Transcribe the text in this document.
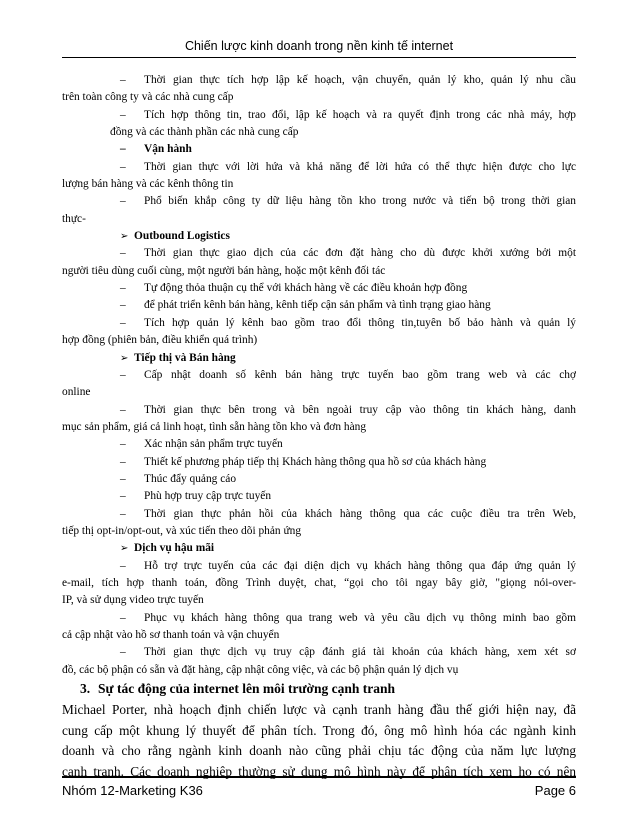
Chiến lược kinh doanh trong nền kinh tế internet
– Thời gian thực tích hợp lập kế hoạch, vận chuyển, quản lý kho, quản lý nhu cầu
trên toàn công ty và các nhà cung cấp
– Tích hợp thông tin, trao đổi, lập kế hoạch và ra quyết định trong các nhà máy, hợp
đồng và các thành phần các nhà cung cấp
– Vận hành
– Thời gian thực với lời hứa và khả năng để lời hứa có thể thực hiện được cho lực
lượng bán hàng và các kênh thông tin
– Phổ biến khắp công ty dữ liệu hàng tồn kho trong nước và tiến bộ trong thời gian
thực-
➢ Outbound Logistics
– Thời gian thực giao dịch của các đơn đặt hàng cho dù được khởi xướng bởi một
người tiêu dùng cuối cùng, một người bán hàng, hoặc một kênh đối tác
– Tự động thỏa thuận cụ thể với khách hàng về các điều khoản hợp đồng
– để phát triển kênh bán hàng, kênh tiếp cận sản phẩm và tình trạng giao hàng
– Tích hợp quản lý kênh bao gồm trao đổi thông tin,tuyên bố bảo hành và quản lý
hợp đồng (phiên bản, điều khiển quá trình)
➢ Tiếp thị và Bán hàng
– Cấp nhật doanh số kênh bán hàng trực tuyến bao gồm trang web và các chợ
online
– Thời gian thực bên trong và bên ngoài truy cập vào thông tin khách hàng, danh
mục sản phẩm, giá cả linh hoạt, tình sẵn hàng tồn kho và đơn hàng
– Xác nhận sản phẩm trực tuyến
– Thiết kế phương pháp tiếp thị Khách hàng thông qua hồ sơ của khách hàng
– Thúc đẩy quảng cáo
– Phù hợp truy cập trực tuyến
– Thời gian thực phản hồi của khách hàng thông qua các cuộc điều tra trên Web,
tiếp thị opt-in/opt-out, và xúc tiến theo dõi phản ứng
➢ Dịch vụ hậu mãi
– Hỗ trợ trực tuyến của các đại diện dịch vụ khách hàng thông qua đáp ứng quản lý
e-mail, tích hợp thanh toán, đồng Trình duyệt, chat, “gọi cho tôi ngay bây giờ, "giọng nói-over-
IP, và sử dụng video trực tuyến
– Phục vụ khách hàng thông qua trang web và yêu cầu dịch vụ thông minh bao gồm
cả cập nhật vào hồ sơ thanh toán và vận chuyển
– Thời gian thực dịch vụ truy cập đánh giá tài khoản của khách hàng, xem xét sơ
đồ, các bộ phận có sẵn và đặt hàng, cập nhật công việc, và các bộ phận quản lý dịch vụ
3. Sự tác động của internet lên môi trường cạnh tranh
Michael Porter, nhà hoạch định chiến lược và cạnh tranh hàng đầu thế giới hiện nay, đã
cung cấp một khung lý thuyết để phân tích. Trong đó, ông mô hình hóa các ngành kinh
doanh và cho rằng ngành kinh doanh nào cũng phải chịu tác động của năm lực lượng
cạnh tranh. Các doanh nghiệp thường sử dụng mô hình này để phân tích xem họ có nên
Nhóm 12-Marketing K36	Page 6
